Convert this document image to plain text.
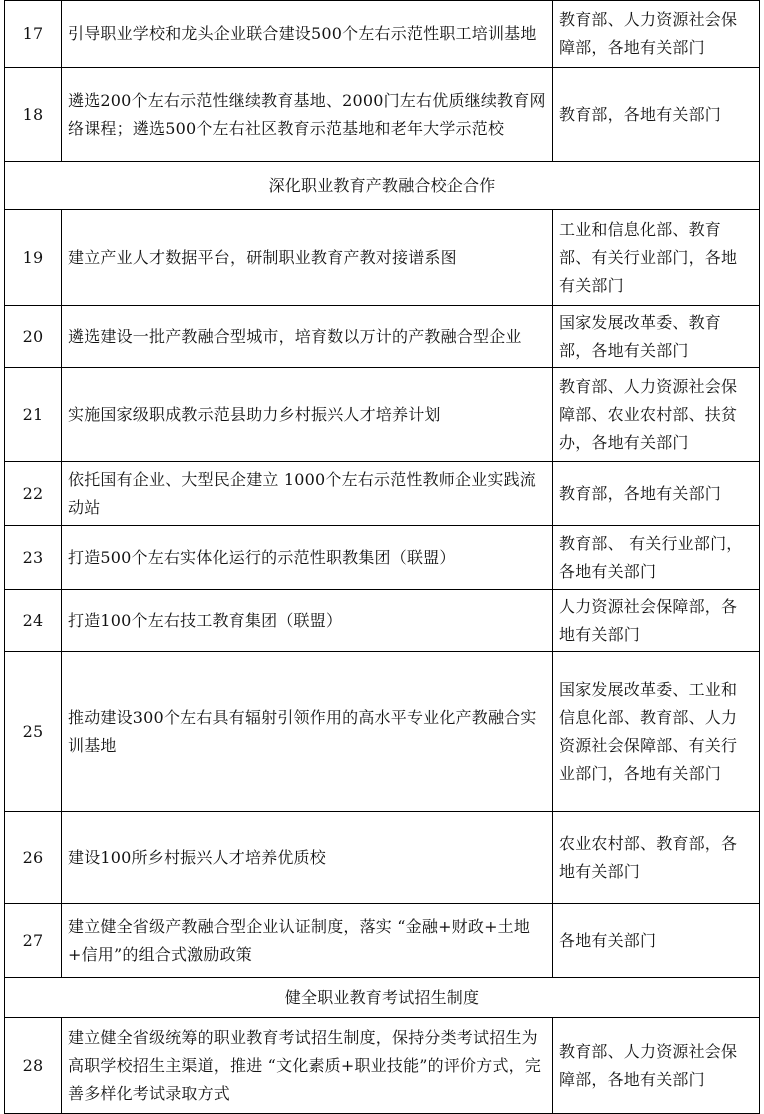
17	引导职业学校和龙头企业联合建设500个左右示范性职工培训基地	教育部、人力资源社会保障部，各地有关部门
18	遴选200个左右示范性继续教育基地、2000门左右优质继续教育网络课程；遴选500个左右社区教育示范基地和老年大学示范校	教育部，各地有关部门
深化职业教育产教融合校企合作		
19	建立产业人才数据平台，研制职业教育产教对接谱系图	工业和信息化部、教育部、有关行业部门，各地有关部门
20	遴选建设一批产教融合型城市，培育数以万计的产教融合型企业	国家发展改革委、教育部，各地有关部门
21	实施国家级职成教示范县助力乡村振兴人才培养计划	教育部、人力资源社会保障部、农业农村部、扶贫办，各地有关部门
22	依托国有企业、大型民企建立 1000个左右示范性教师企业实践流动站	教育部，各地有关部门
23	打造500个左右实体化运行的示范性职教集团（联盟）	教育部、 有关行业部门，各地有关部门
24	打造100个左右技工教育集团（联盟）	人力资源社会保障部，各地有关部门
25	推动建设300个左右具有辐射引领作用的高水平专业化产教融合实训基地	国家发展改革委、工业和信息化部、教育部、人力资源社会保障部、有关行业部门，各地有关部门
26	建设100所乡村振兴人才培养优质校	农业农村部、教育部，各地有关部门
27	建立健全省级产教融合型企业认证制度，落实 “金融+财政+土地+信用”的组合式激励政策	各地有关部门
健全职业教育考试招生制度		
28	建立健全省级统筹的职业教育考试招生制度，保持分类考试招生为高职学校招生主渠道，推进 “文化素质+职业技能”的评价方式，完善多样化考试录取方式	教育部、人力资源社会保障部，各地有关部门
